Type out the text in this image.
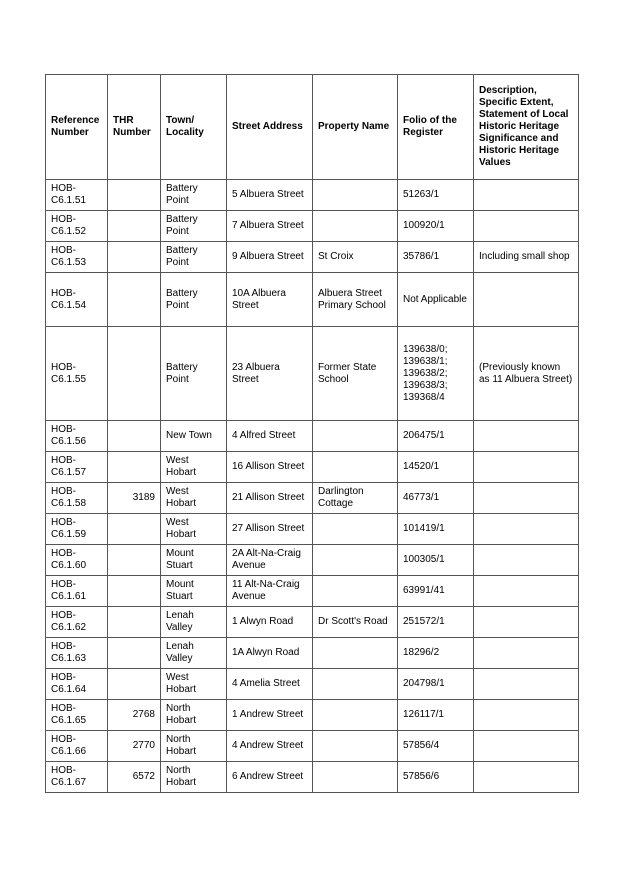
Reference Number	THR Number	Town/ Locality	Street Address	Property Name	Folio of the Register	Description, Specific Extent, Statement of Local Historic Heritage Significance and Historic Heritage Values
HOB-C6.1.51		Battery Point	5 Albuera Street		51263/1	
HOB-C6.1.52		Battery Point	7 Albuera Street		100920/1	
HOB-C6.1.53		Battery Point	9 Albuera Street	St Croix	35786/1	Including small shop
HOB-C6.1.54		Battery Point	10A Albuera Street	Albuera Street Primary School	Not Applicable	
HOB-C6.1.55		Battery Point	23 Albuera Street	Former State School	139638/0; 139638/1; 139638/2; 139638/3; 139368/4	(Previously known as 11 Albuera Street)
HOB-C6.1.56		New Town	4 Alfred Street		206475/1	
HOB-C6.1.57		West Hobart	16 Allison Street		14520/1	
HOB-C6.1.58	3189	West Hobart	21 Allison Street	Darlington Cottage	46773/1	
HOB-C6.1.59		West Hobart	27 Allison Street		101419/1	
HOB-C6.1.60		Mount Stuart	2A Alt-Na-Craig Avenue		100305/1	
HOB-C6.1.61		Mount Stuart	11 Alt-Na-Craig Avenue		63991/41	
HOB-C6.1.62		Lenah Valley	1 Alwyn Road	Dr Scott's Road	251572/1	
HOB-C6.1.63		Lenah Valley	1A Alwyn Road		18296/2	
HOB-C6.1.64		West Hobart	4 Amelia Street		204798/1	
HOB-C6.1.65	2768	North Hobart	1 Andrew Street		126117/1	
HOB-C6.1.66	2770	North Hobart	4 Andrew Street		57856/4	
HOB-C6.1.67	6572	North Hobart	6 Andrew Street		57856/6	
